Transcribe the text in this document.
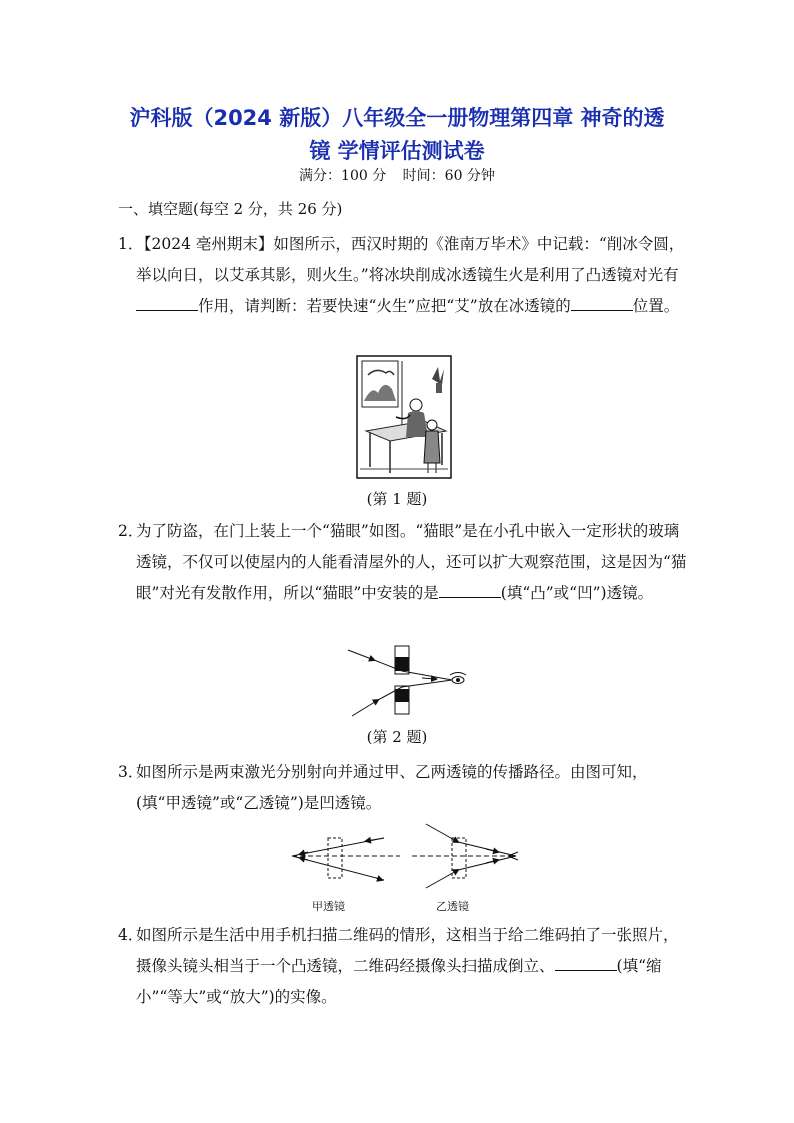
沪科版（2024 新版）八年级全一册物理第四章 神奇的透
镜 学情评估测试卷
满分：100 分 时间：60 分钟
一、填空题(每空 2 分，共 26 分)
1．
【2024 亳州期末】如图所示，西汉时期的《淮南万毕术》中记载：“削冰令圆，举以向日，以艾承其影，则火生。”将冰块削成冰透镜生火是利用了凸透镜对光有作用，请判断：若要快速“火生”应把“艾”放在冰透镜的	位置。
(第 1 题)
2．
为了防盗，在门上装上一个“猫眼”如图。“猫眼”是在小孔中嵌入一定形状的玻璃透镜，不仅可以使屋内的人能看清屋外的人，还可以扩大观察范围，这是因为“猫眼”对光有发散作用，所以“猫眼”中安装的是	(填“凸”或“凹”)透镜。
(第 2 题)
3．
如图所示是两束激光分别射向并通过甲、乙两透镜的传播路径。由图可知，
(填“甲透镜”或“乙透镜”)是凹透镜。
甲透镜	乙透镜
4．
如图所示是生活中用手机扫描二维码的情形，这相当于给二维码拍了一张照片，摄像头镜头相当于一个凸透镜，二维码经摄像头扫描成倒立、	(填“缩小”“等大”或“放大”)的实像。
